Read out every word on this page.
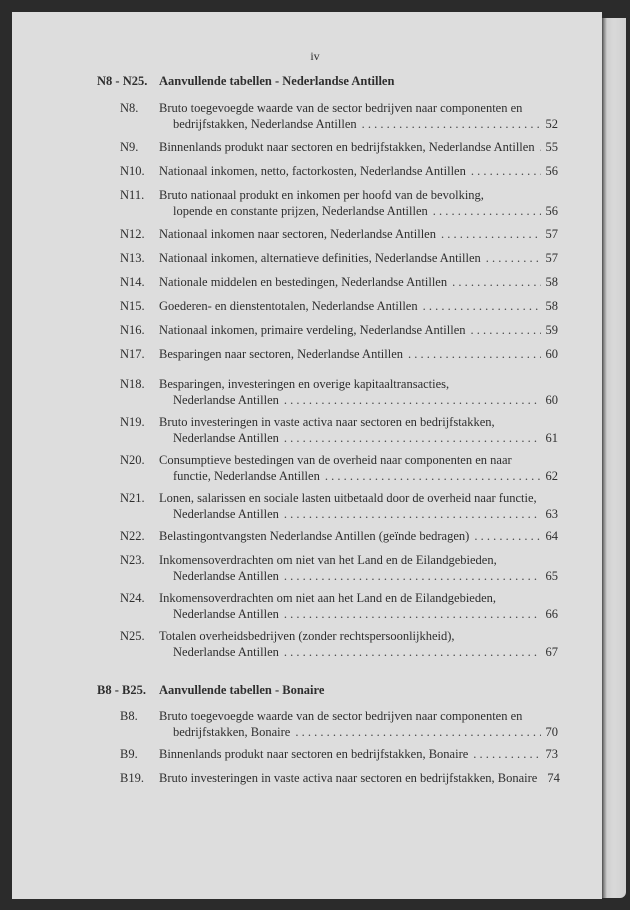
iv
N8 - N25. Aanvullende tabellen - Nederlandse Antillen
N8. Bruto toegevoegde waarde van de sector bedrijven naar componenten en
bedrijfstakken, Nederlandse Antillen . . .	52
N9. Binnenlands produkt naar sectoren en bedrijfstakken, Nederlandse Antillen . . . 55
N10. Nationaal inkomen, netto, factorkosten, Nederlandse Antillen . . .	56
N11. Bruto nationaal produkt en inkomen per hoofd van de bevolking,
lopende en constante prijzen, Nederlandse Antillen . . .	56
N12. Nationaal inkomen naar sectoren, Nederlandse Antillen . . .	57
N13. Nationaal inkomen, alternatieve definities, Nederlandse Antillen . . .	57
N14. Nationale middelen en bestedingen, Nederlandse Antillen . . .	58
N15. Goederen- en dienstentotalen, Nederlandse Antillen . . .	58
N16. Nationaal inkomen, primaire verdeling, Nederlandse Antillen . . .	59
N17. Besparingen naar sectoren, Nederlandse Antillen . . .	60
N18. Besparingen, investeringen en overige kapitaaltransacties,
Nederlandse Antillen . . .	60
N19. Bruto investeringen in vaste activa naar sectoren en bedrijfstakken,
Nederlandse Antillen . . .	61
N20. Consumptieve bestedingen van de overheid naar componenten en naar
functie, Nederlandse Antillen . . .	62
N21. Lonen, salarissen en sociale lasten uitbetaald door de overheid naar functie,
Nederlandse Antillen . . .	63
N22. Belastingontvangsten Nederlandse Antillen (geïnde bedragen) . . .	64
N23. Inkomensoverdrachten om niet van het Land en de Eilandgebieden,
Nederlandse Antillen . . .	65
N24. Inkomensoverdrachten om niet aan het Land en de Eilandgebieden,
Nederlandse Antillen . . .	66
N25. Totalen overheidsbedrijven (zonder rechtspersoonlijkheid),
Nederlandse Antillen . . .	67
B8 - B25. Aanvullende tabellen - Bonaire
B8. Bruto toegevoegde waarde van de sector bedrijven naar componenten en
bedrijfstakken, Bonaire . . .	70
B9. Binnenlands produkt naar sectoren en bedrijfstakken, Bonaire . . .	73
B19. Bruto investeringen in vaste activa naar sectoren en bedrijfstakken, Bonaire 74
